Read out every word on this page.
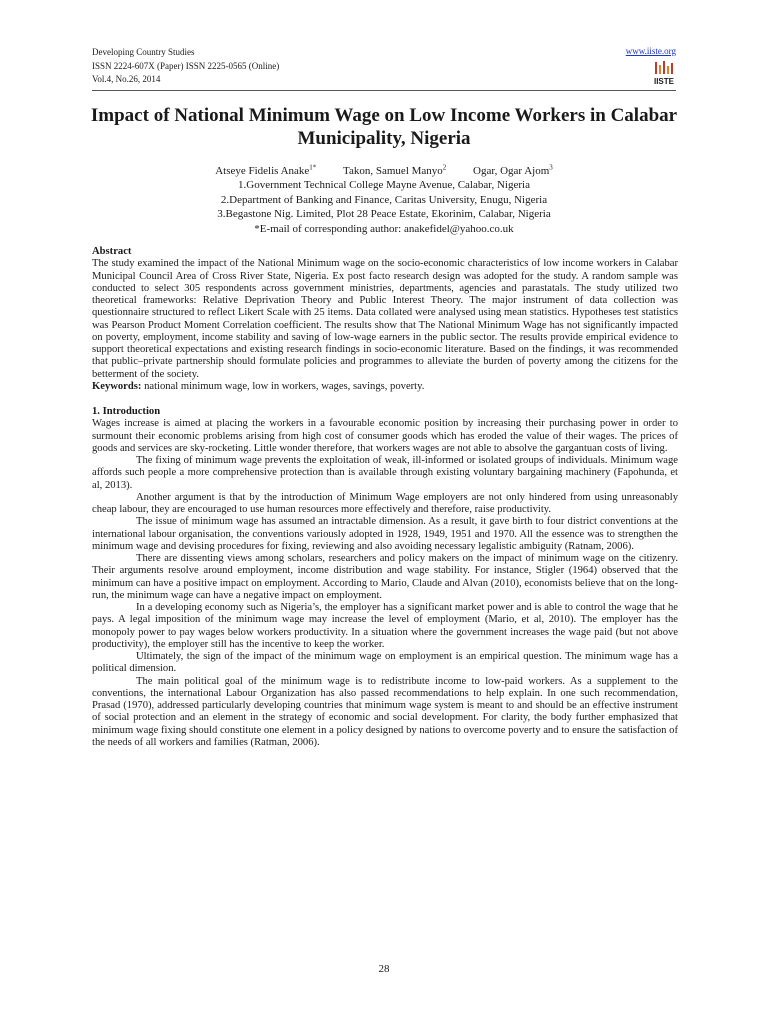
Developing Country Studies
ISSN 2224-607X (Paper) ISSN 2225-0565 (Online)
Vol.4, No.26, 2014
www.iiste.org
IISTE
Impact of National Minimum Wage on Low Income Workers in Calabar Municipality, Nigeria
Atseye Fidelis Anake$^{1*}$ Takon, Samuel Manyo$^2$ Ogar, Ogar Ajom$^3$
1.Government Technical College Mayne Avenue, Calabar, Nigeria
2.Department of Banking and Finance, Caritas University, Enugu, Nigeria
3.Begastone Nig. Limited, Plot 28 Peace Estate, Ekorinim, Calabar, Nigeria
*E-mail of corresponding author: anakefidel@yahoo.co.uk

Abstract

The study examined the impact of the National Minimum wage on the socio-economic characteristics of low income workers in Calabar Municipal Council Area of Cross River State, Nigeria. Ex post facto research design was adopted for the study. A random sample was conducted to select 305 respondents across government ministries, departments, agencies and parastatals. The study utilized two theoretical frameworks: Relative Deprivation Theory and Public Interest Theory. The major instrument of data collection was questionnaire structured to reflect Likert Scale with 25 items. Data collated were analysed using mean statistics. Hypotheses test statistics was Pearson Product Moment Correlation coefficient. The results show that The National Minimum Wage has not significantly impacted on poverty, employment, income stability and saving of low-wage earners in the public sector. The results provide empirical evidence to support theoretical expectations and existing research findings in socio-economic literature. Based on the findings, it was recommended that public–private partnership should formulate policies and programmes to alleviate the burden of poverty among the citizens for the betterment of the society.

Keywords: national minimum wage, low in workers, wages, savings, poverty.

1. Introduction

Wages increase is aimed at placing the workers in a favourable economic position by increasing their purchasing power in order to surmount their economic problems arising from high cost of consumer goods which has eroded the value of their wages. The prices of goods and services are sky-rocketing. Little wonder therefore, that workers wages are not able to absolve the gargantuan costs of living.

The fixing of minimum wage prevents the exploitation of weak, ill-informed or isolated groups of individuals. Minimum wage affords such people a more comprehensive protection than is available through existing voluntary bargaining machinery (Fapohunda, et al, 2013).

Another argument is that by the introduction of Minimum Wage employers are not only hindered from using unreasonably cheap labour, they are encouraged to use human resources more effectively and therefore, raise productivity.

The issue of minimum wage has assumed an intractable dimension. As a result, it gave birth to four district conventions at the international labour organisation, the conventions variously adopted in 1928, 1949, 1951 and 1970. All the essence was to strengthen the minimum wage and devising procedures for fixing, reviewing and also avoiding necessary legalistic ambiguity (Ratnam, 2006).

There are dissenting views among scholars, researchers and policy makers on the impact of minimum wage on the citizenry. Their arguments resolve around employment, income distribution and wage stability. For instance, Stigler (1964) observed that the minimum can have a positive impact on employment. According to Mario, Claude and Alvan (2010), economists believe that on the long-run, the minimum wage can have a negative impact on employment.

In a developing economy such as Nigeria’s, the employer has a significant market power and is able to control the wage that he pays. A legal imposition of the minimum wage may increase the level of employment (Mario, et al, 2010). The employer has the monopoly power to pay wages below workers productivity. In a situation where the government increases the wage paid (but not above productivity), the employer still has the incentive to keep the worker.

Ultimately, the sign of the impact of the minimum wage on employment is an empirical question. The minimum wage has a political dimension.

The main political goal of the minimum wage is to redistribute income to low-paid workers. As a supplement to the conventions, the international Labour Organization has also passed recommendations to help explain. In one such recommendation, Prasad (1970), addressed particularly developing countries that minimum wage system is meant to and should be an effective instrument of social protection and an element in the strategy of economic and social development. For clarity, the body further emphasized that minimum wage fixing should constitute one element in a policy designed by nations to overcome poverty and to ensure the satisfaction of the needs of all workers and families (Ratman, 2006).

28
